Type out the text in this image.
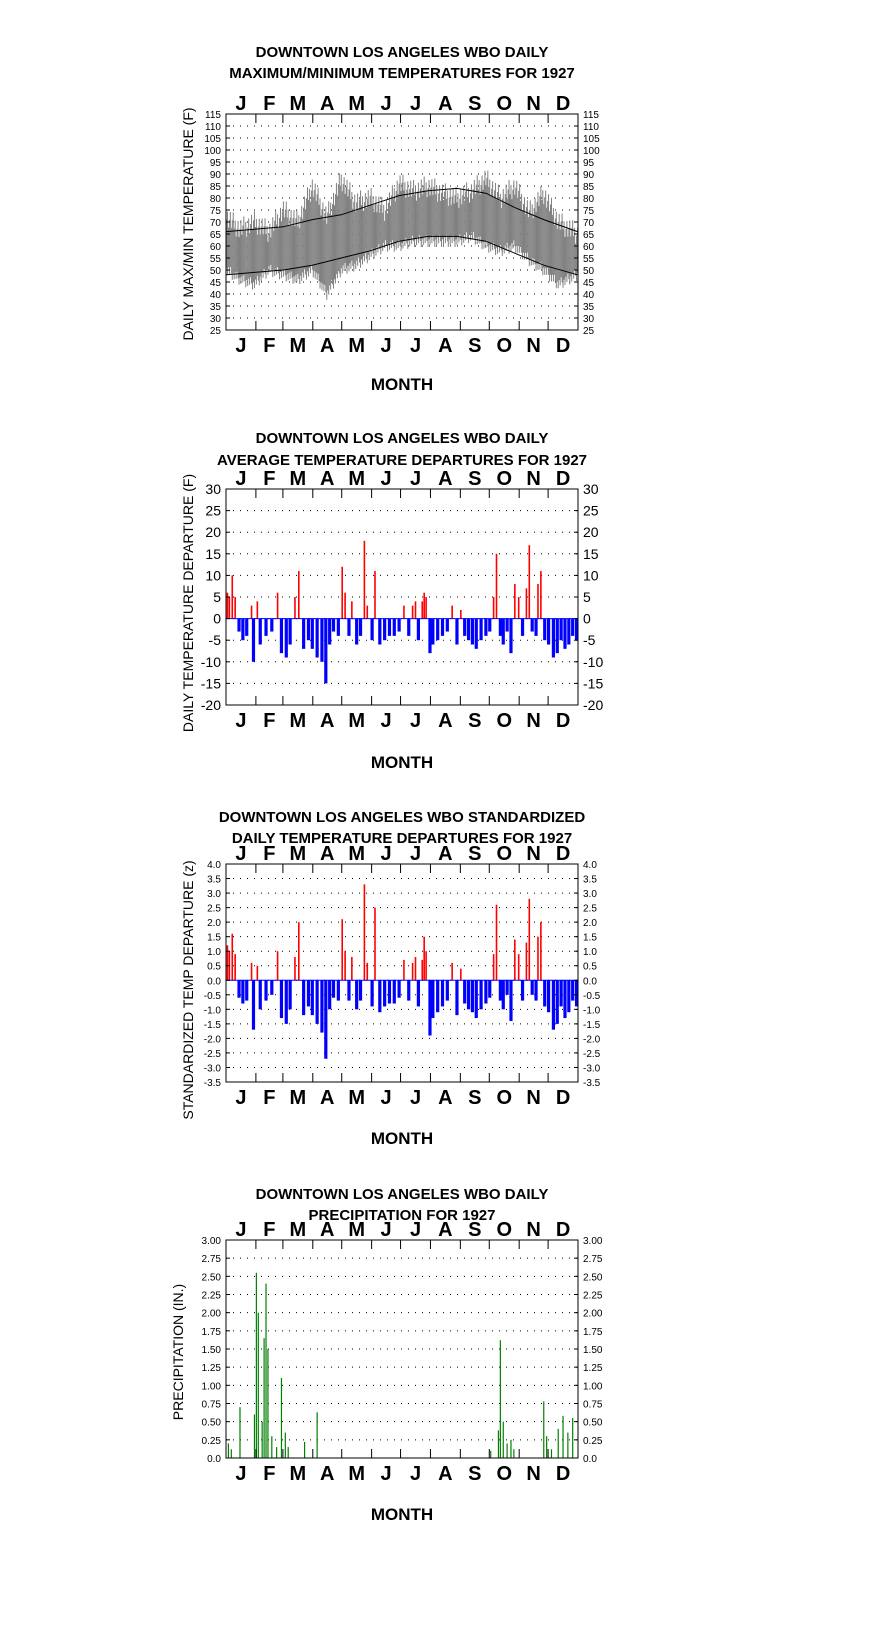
DOWNTOWN LOS ANGELES WBO DAILY
MAXIMUM/MINIMUM TEMPERATURES FOR 1927
25	25
30	30
35	35
40	40
45	45
50	50
55	55
60	60
65	65
70	70
75	75
80	80
85	85
90	90
95	95
100	100
105	105
110	110
115	115
J F M A M J J A S O N D
J F M A M J J A S O N D
MONTH
DAILY MAX/MIN TEMPERATURE (F)
DOWNTOWN LOS ANGELES WBO DAILY
AVERAGE TEMPERATURE DEPARTURES FOR 1927
-20	-20
-15	-15
-10	-10
-5	-5
0	0
5	5
10	10
15	15
20	20
25	25
30	30
J F M A M J J A S O N D
J F M A M J J A S O N D
MONTH
DAILY TEMPERATURE DEPARTURE (F)
DOWNTOWN LOS ANGELES WBO STANDARDIZED
DAILY TEMPERATURE DEPARTURES FOR 1927
-3.5	-3.5
-3.0	-3.0
-2.5	-2.5
-2.0	-2.0
-1.5	-1.5
-1.0	-1.0
-0.5	-0.5
0.0	0.0
0.5	0.5
1.0	1.0
1.5	1.5
2.0	2.0
2.5	2.5
3.0	3.0
3.5	3.5
4.0	4.0
J F M A M J J A S O N D
J F M A M J J A S O N D
MONTH
STANDARDIZED TEMP DEPARTURE (z)
DOWNTOWN LOS ANGELES WBO DAILY
PRECIPITATION FOR 1927
0.0	0.0
0.25	0.25
0.50	0.50
0.75	0.75
1.00	1.00
1.25	1.25
1.50	1.50
1.75	1.75
2.00	2.00
2.25	2.25
2.50	2.50
2.75	2.75
3.00	3.00
J F M A M J J A S O N D
J F M A M J J A S O N D
MONTH
PRECIPITATION (IN.)
